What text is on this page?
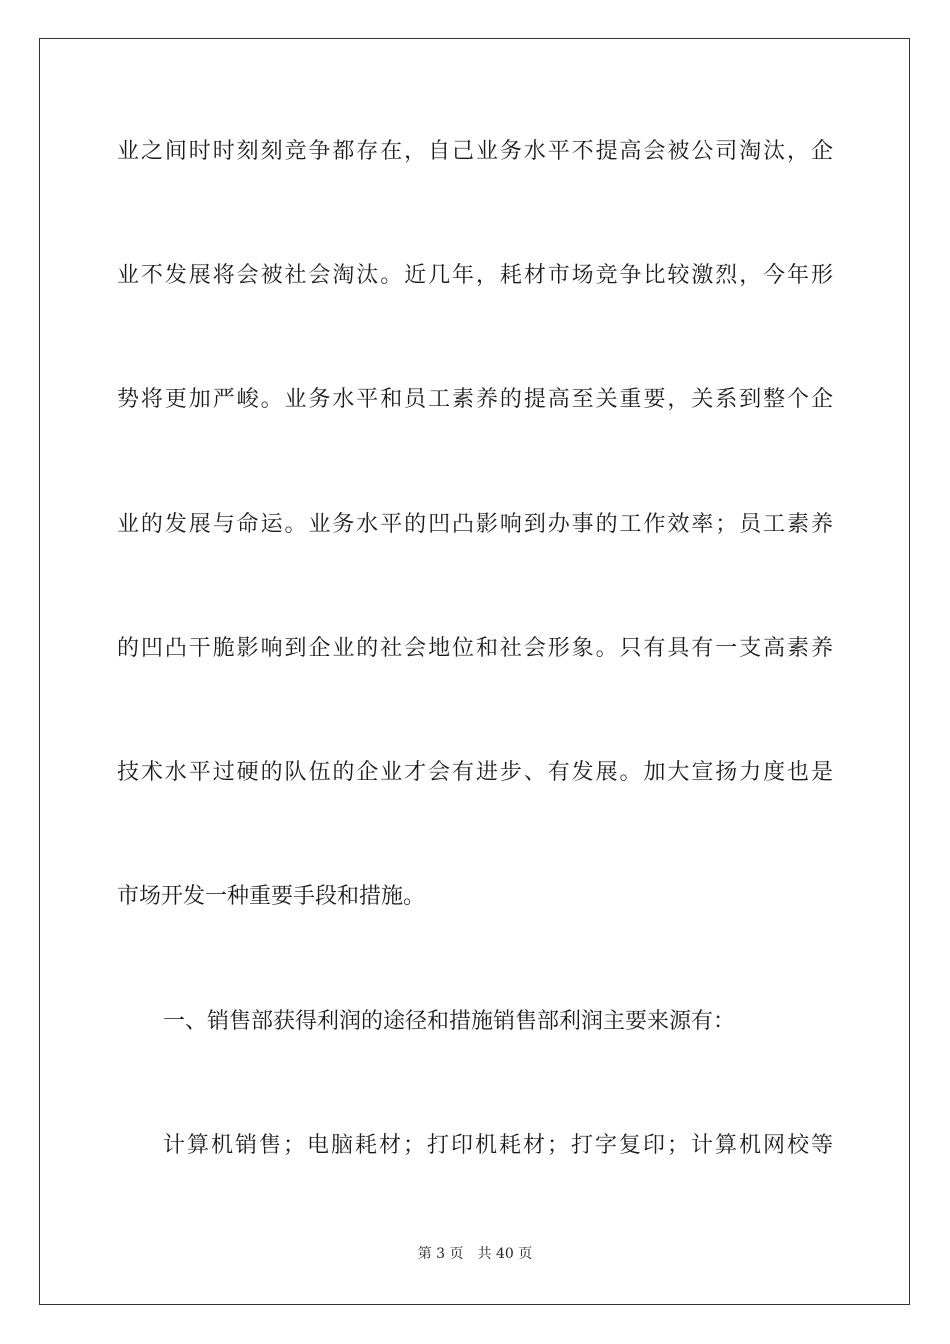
业之间时时刻刻竞争都存在，自己业务水平不提高会被公司淘汰，企
业不发展将会被社会淘汰。近几年，耗材市场竞争比较激烈，今年形
势将更加严峻。业务水平和员工素养的提高至关重要，关系到整个企
业的发展与命运。业务水平的凹凸影响到办事的工作效率；员工素养
的凹凸干脆影响到企业的社会地位和社会形象。只有具有一支高素养
技术水平过硬的队伍的企业才会有进步、有发展。加大宣扬力度也是
市场开发一种重要手段和措施。
一、销售部获得利润的途径和措施销售部利润主要来源有：
计算机销售；电脑耗材；打印机耗材；打字复印；计算机网校等
第 3 页 共 40 页
